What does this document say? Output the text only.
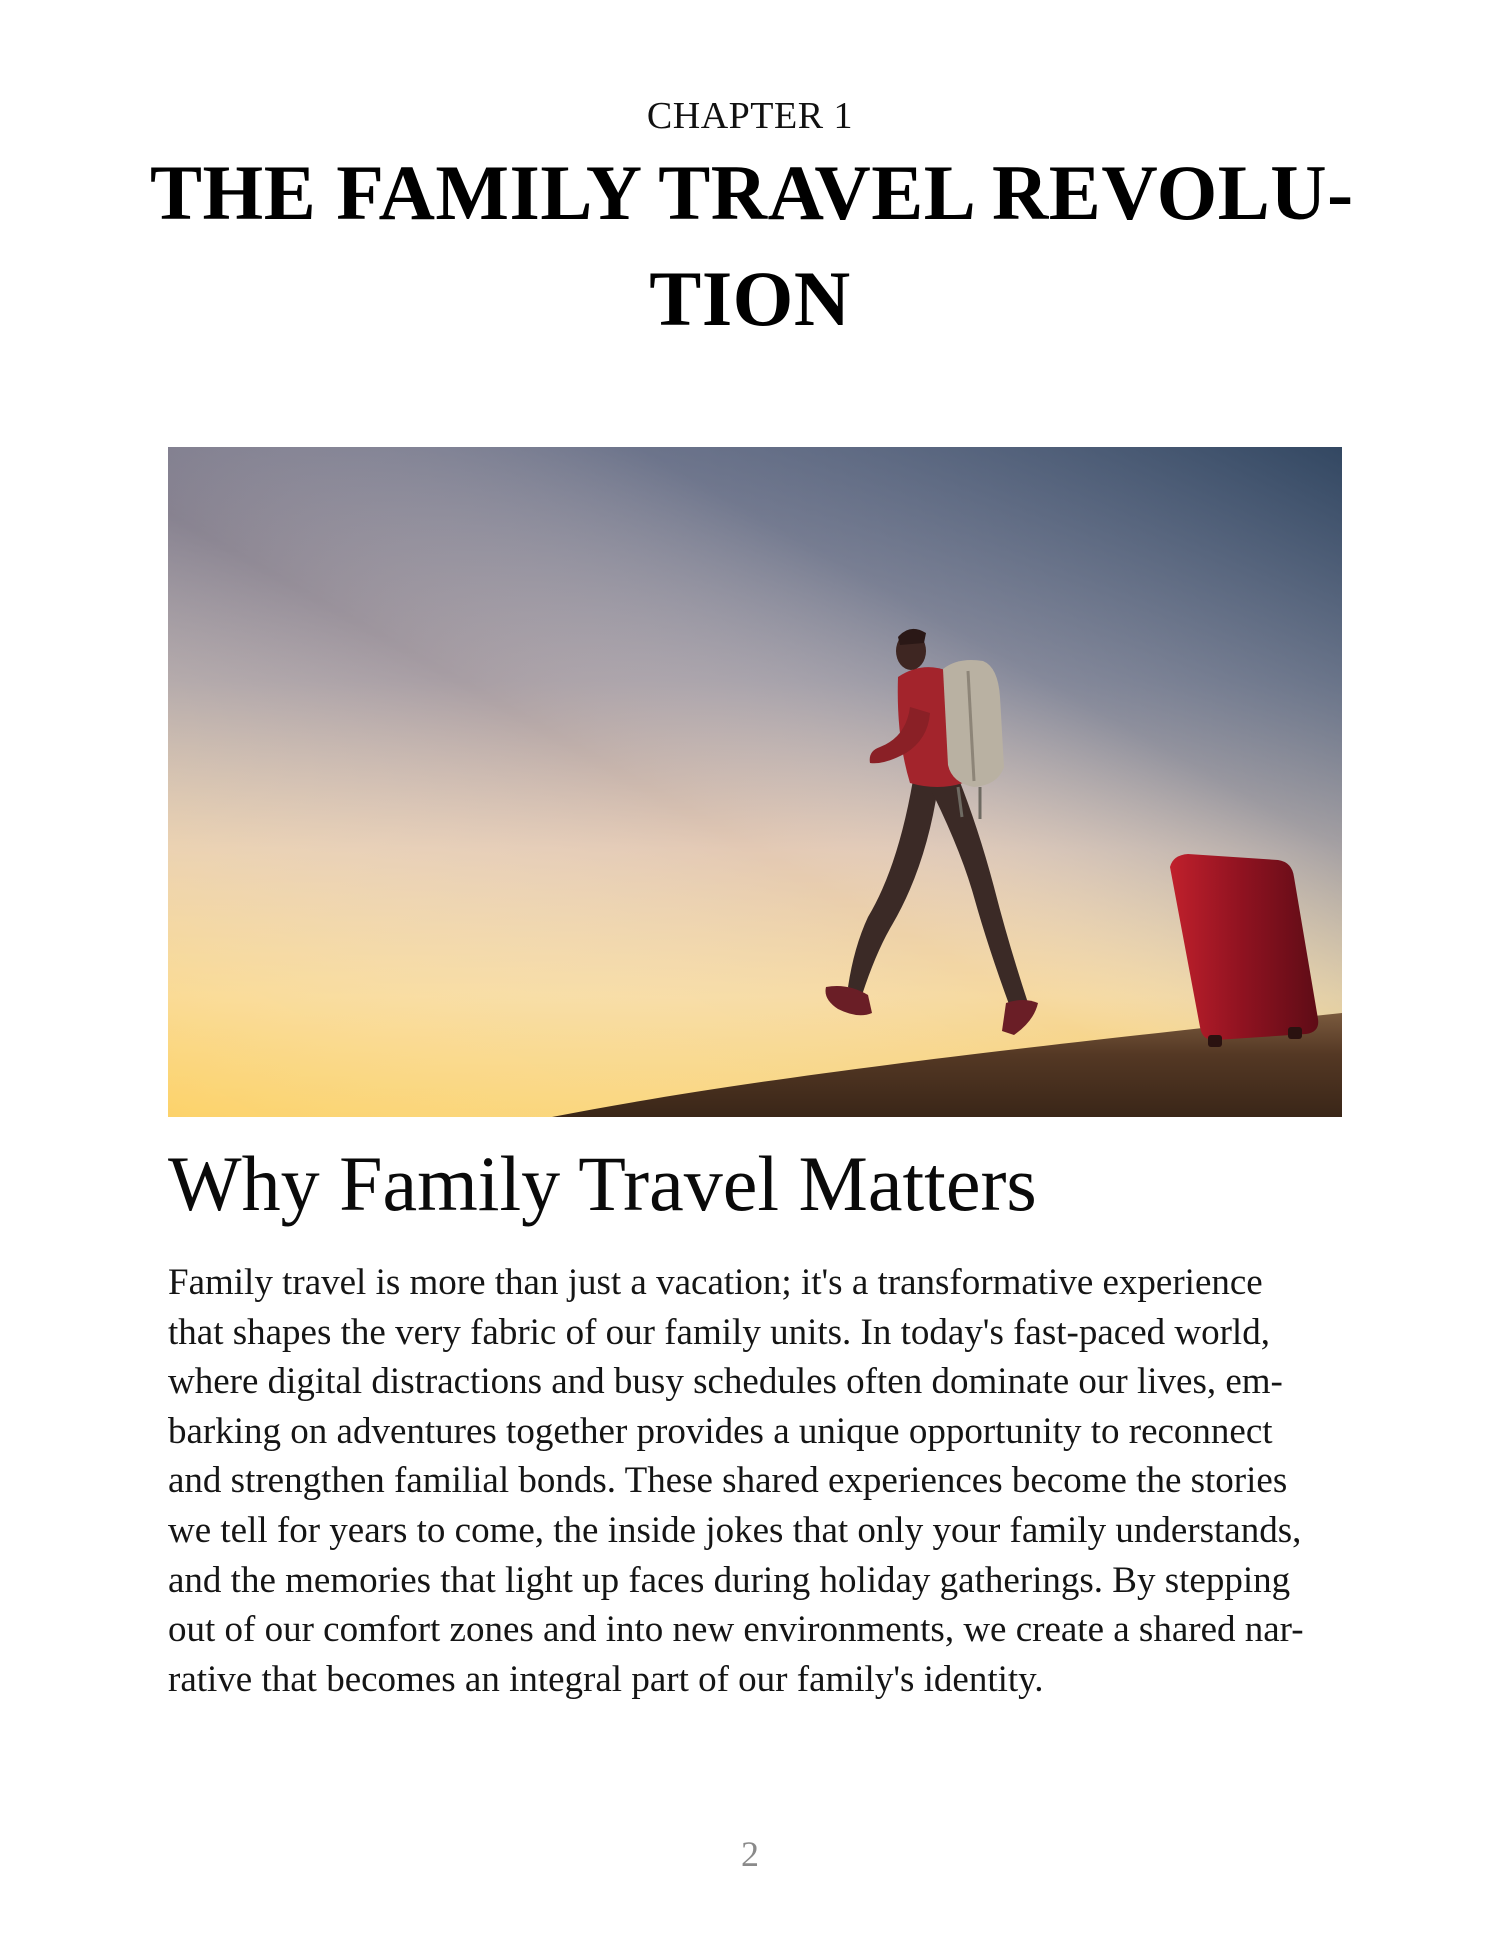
CHAPTER 1
THE FAMILY TRAVEL REVOLU-
TION
Why Family Travel Matters

Family travel is more than just a vacation; it's a transformative experience
that shapes the very fabric of our family units. In today's fast-paced world,
where digital distractions and busy schedules often dominate our lives, em-
barking on adventures together provides a unique opportunity to reconnect
and strengthen familial bonds. These shared experiences become the stories
we tell for years to come, the inside jokes that only your family understands,
and the memories that light up faces during holiday gatherings. By stepping
out of our comfort zones and into new environments, we create a shared nar-
rative that becomes an integral part of our family's identity.

2
